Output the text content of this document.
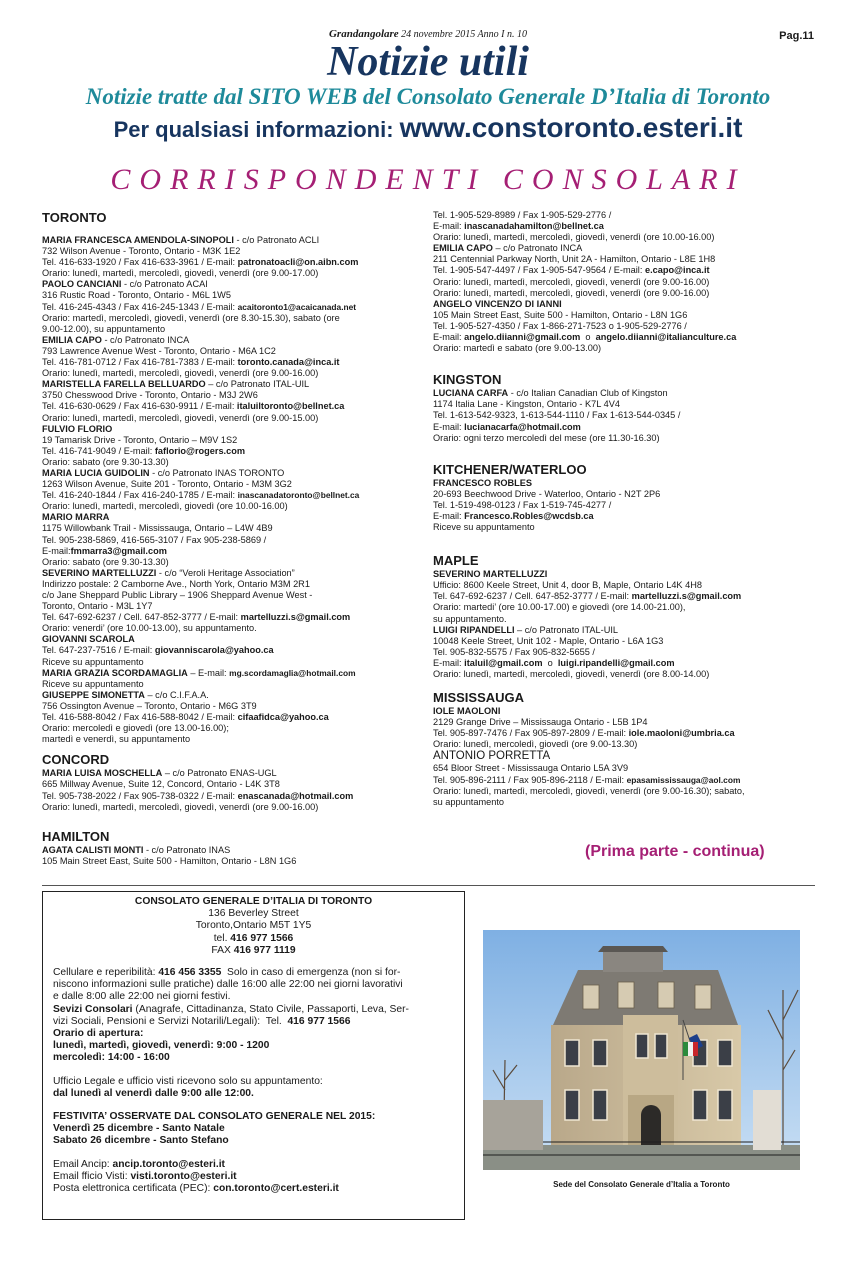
Grandangolare 24 novembre 2015 Anno I n. 10	Pag.11
Notizie utili
Notizie tratte dal SITO WEB del Consolato Generale D’Italia di Toronto
Per qualsiasi informazioni: www.constoronto.esteri.it
CORRISPONDENTI CONSOLARI
TORONTO
MARIA FRANCESCA AMENDOLA-SINOPOLI - c/o Patronato ACLI
732 Wilson Avenue - Toronto, Ontario - M3K 1E2
Tel. 416-633-1920 / Fax 416-633-3961 / E-mail: patronatoacli@on.aibn.com
Orario: lunedì, martedì, mercoledì, giovedì, venerdì (ore 9.00-17.00)
PAOLO CANCIANI - c/o Patronato ACAI
316 Rustic Road - Toronto, Ontario - M6L 1W5
Tel. 416-245-4343 / Fax 416-245-1343 / E-mail: acaitoronto1@acaicanada.net
Orario: martedì, mercoledì, giovedì, venerdì (ore 8.30-15.30), sabato (ore
9.00-12.00), su appuntamento
EMILIA CAPO - c/o Patronato INCA
793 Lawrence Avenue West - Toronto, Ontario - M6A 1C2
Tel. 416-781-0712 / Fax 416-781-7383 / E-mail: toronto.canada@inca.it
Orario: lunedì, martedì, mercoledì, giovedì, venerdì (ore 9.00-16.00)
MARISTELLA FARELLA BELLUARDO – c/o Patronato ITAL-UIL
3750 Chesswood Drive - Toronto, Ontario - M3J 2W6
Tel. 416-630-0629 / Fax 416-630-9911 / E-mail: italuiltoronto@bellnet.ca
Orario: lunedì, martedì, mercoledì, giovedì, venerdì (ore 9.00-15.00)
FULVIO FLORIO
19 Tamarisk Drive - Toronto, Ontario – M9V 1S2
Tel. 416-741-9049 / E-mail: faflorio@rogers.com
Orario: sabato (ore 9.30-13.30)
MARIA LUCIA GUIDOLIN - c/o Patronato INAS TORONTO
1263 Wilson Avenue, Suite 201 - Toronto, Ontario - M3M 3G2
Tel. 416-240-1844 / Fax 416-240-1785 / E-mail: inascanadatoronto@bellnet.ca
Orario: lunedì, martedì, mercoledì, giovedì (ore 10.00-16.00)
MARIO MARRA
1175 Willowbank Trail - Mississauga, Ontario – L4W 4B9
Tel. 905-238-5869, 416-565-3107 / Fax 905-238-5869 /
E-mail:fmmarra3@gmail.com
Orario: sabato (ore 9.30-13.30)
SEVERINO MARTELLUZZI - c/o “Veroli Heritage Association”
Indirizzo postale: 2 Camborne Ave., North York, Ontario M3M 2R1
c/o Jane Sheppard Public Library – 1906 Sheppard Avenue West -
Toronto, Ontario - M3L 1Y7
Tel. 647-692-6237 / Cell. 647-852-3777 / E-mail: martelluzzi.s@gmail.com
Orario: venerdi’ (ore 10.00-13.00), su appuntamento.
GIOVANNI SCAROLA
Tel. 647-237-7516 / E-mail: giovanniscarola@yahoo.ca
Riceve su appuntamento
MARIA GRAZIA SCORDAMAGLIA – E-mail: mg.scordamaglia@hotmail.com
Riceve su appuntamento
GIUSEPPE SIMONETTA – c/o C.I.F.A.A.
756 Ossington Avenue – Toronto, Ontario - M6G 3T9
Tel. 416-588-8042 / Fax 416-588-8042 / E-mail: cifaafidca@yahoo.ca
Orario: mercoledì e giovedì (ore 13.00-16.00);
martedì e venerdì, su appuntamento
CONCORD
MARIA LUISA MOSCHELLA – c/o Patronato ENAS-UGL
665 Millway Avenue, Suite 12, Concord, Ontario - L4K 3T8
Tel. 905-738-2022 / Fax 905-738-0322 / E-mail: enascanada@hotmail.com
Orario: lunedì, martedì, mercoledì, giovedì, venerdì (ore 9.00-16.00)
HAMILTON
AGATA CALISTI MONTI - c/o Patronato INAS
105 Main Street East, Suite 500 - Hamilton, Ontario - L8N 1G6
Tel. 1-905-529-8989 / Fax 1-905-529-2776 /
E-mail: inascanadahamilton@bellnet.ca
Orario: lunedì, martedì, mercoledì, giovedì, venerdì (ore 10.00-16.00)
EMILIA CAPO – c/o Patronato INCA
211 Centennial Parkway North, Unit 2A - Hamilton, Ontario - L8E 1H8
Tel. 1-905-547-4497 / Fax 1-905-547-9564 / E-mail: e.capo@inca.it
Orario: lunedì, martedì, mercoledì, giovedì, venerdì (ore 9.00-16.00)
Orario: lunedì, martedì, mercoledì, giovedì, venerdì (ore 9.00-16.00)
ANGELO VINCENZO DI IANNI
105 Main Street East, Suite 500 - Hamilton, Ontario - L8N 1G6
Tel. 1-905-527-4350 / Fax 1-866-271-7523 o 1-905-529-2776 /
E-mail: angelo.diianni@gmail.com  o  angelo.diianni@italianculture.ca
Orario: martedì e sabato (ore 9.00-13.00)
KINGSTON
LUCIANA CARFA - c/o Italian Canadian Club of Kingston
1174 Italia Lane - Kingston, Ontario - K7L 4V4
Tel. 1-613-542-9323, 1-613-544-1110 / Fax 1-613-544-0345 /
E-mail: lucianacarfa@hotmail.com
Orario: ogni terzo mercoledì del mese (ore 11.30-16.30)
KITCHENER/WATERLOO
FRANCESCO ROBLES
20-693 Beechwood Drive - Waterloo, Ontario - N2T 2P6
Tel. 1-519-498-0123 / Fax 1-519-745-4277 /
E-mail: Francesco.Robles@wcdsb.ca
Riceve su appuntamento
MAPLE
SEVERINO MARTELLUZZI
Ufficio: 8600 Keele Street, Unit 4, door B, Maple, Ontario L4K 4H8
Tel. 647-692-6237 / Cell. 647-852-3777 / E-mail: martelluzzi.s@gmail.com
Orario: martedi’ (ore 10.00-17.00) e giovedì (ore 14.00-21.00),
su appuntamento.
LUIGI RIPANDELLI – c/o Patronato ITAL-UIL
10048 Keele Street, Unit 102 - Maple, Ontario - L6A 1G3
Tel. 905-832-5575 / Fax 905-832-5655 /
E-mail: italuil@gmail.com  o  luigi.ripandelli@gmail.com
Orario: lunedì, martedì, mercoledì, giovedì, venerdì (ore 8.00-14.00)
MISSISSAUGA
IOLE MAOLONI
2129 Grange Drive – Mississauga Ontario - L5B 1P4
Tel. 905-897-7476 / Fax 905-897-2809 / E-mail: iole.maoloni@umbria.ca
Orario: lunedì, mercoledì, giovedì (ore 9.00-13.30)
ANTONIO PORRETTA
654 Bloor Street - Mississauga Ontario L5A 3V9
Tel. 905-896-2111 / Fax 905-896-2118 / E-mail: epasamississauga@aol.com
Orario: lunedì, martedì, mercoledì, giovedì, venerdì (ore 9.00-16.30); sabato,
su appuntamento
(Prima parte - continua)
CONSOLATO GENERALE D’ITALIA DI TORONTO
136 Beverley Street
Toronto,Ontario M5T 1Y5
tel. 416 977 1566
FAX 416 977 1119

Cellulare e reperibilità: 416 456 3355  Solo in caso di emergenza (non si for-
niscono informazioni sulle pratiche) dalle 16:00 alle 22:00 nei giorni lavorativi
e dalle 8:00 alle 22:00 nei giorni festivi.
Sevizi Consolari (Anagrafe, Cittadinanza, Stato Civile, Passaporti, Leva, Ser-
vizi Sociali, Pensioni e Servizi Notarili/Legali):  Tel.  416 977 1566
Orario di apertura:
lunedì, martedì, giovedì, venerdì: 9:00 - 1200
mercoledì: 14:00 - 16:00

Ufficio Legale e ufficio visti ricevono solo su appuntamento:
dal lunedì al venerdì dalle 9:00 alle 12:00.

FESTIVITA’ OSSERVATE DAL CONSOLATO GENERALE NEL 2015:
Venerdì 25 dicembre - Santo Natale
Sabato 26 dicembre - Santo Stefano

Email Ancip: ancip.toronto@esteri.it
Email fficio Visti: visti.toronto@esteri.it
Posta elettronica certificata (PEC): con.toronto@cert.esteri.it	Sede del Consolato Generale d’Italia a Toronto
